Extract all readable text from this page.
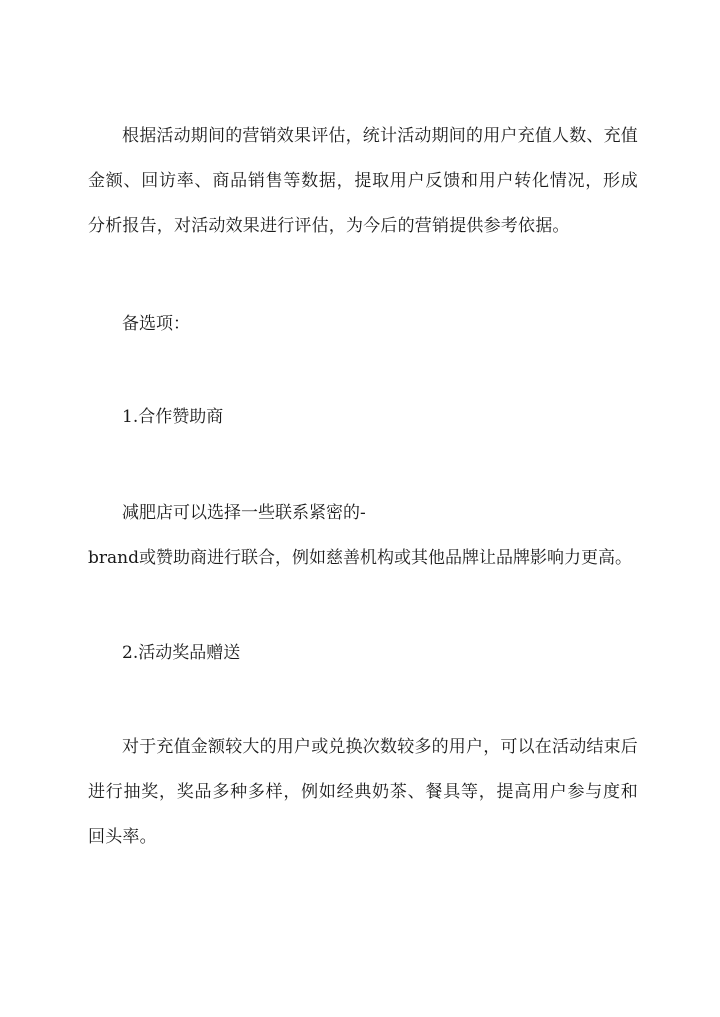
根据活动期间的营销效果评估，统计活动期间的用户充值人数、充值金额、回访率、商品销售等数据，提取用户反馈和用户转化情况，形成分析报告，对活动效果进行评估，为今后的营销提供参考依据。

备选项：

1.合作赞助商

减肥店可以选择一些联系紧密的-

brand或赞助商进行联合，例如慈善机构或其他品牌让品牌影响力更高。

2.活动奖品赠送

对于充值金额较大的用户或兑换次数较多的用户，可以在活动结束后进行抽奖，奖品多种多样，例如经典奶茶、餐具等，提高用户参与度和回头率。
